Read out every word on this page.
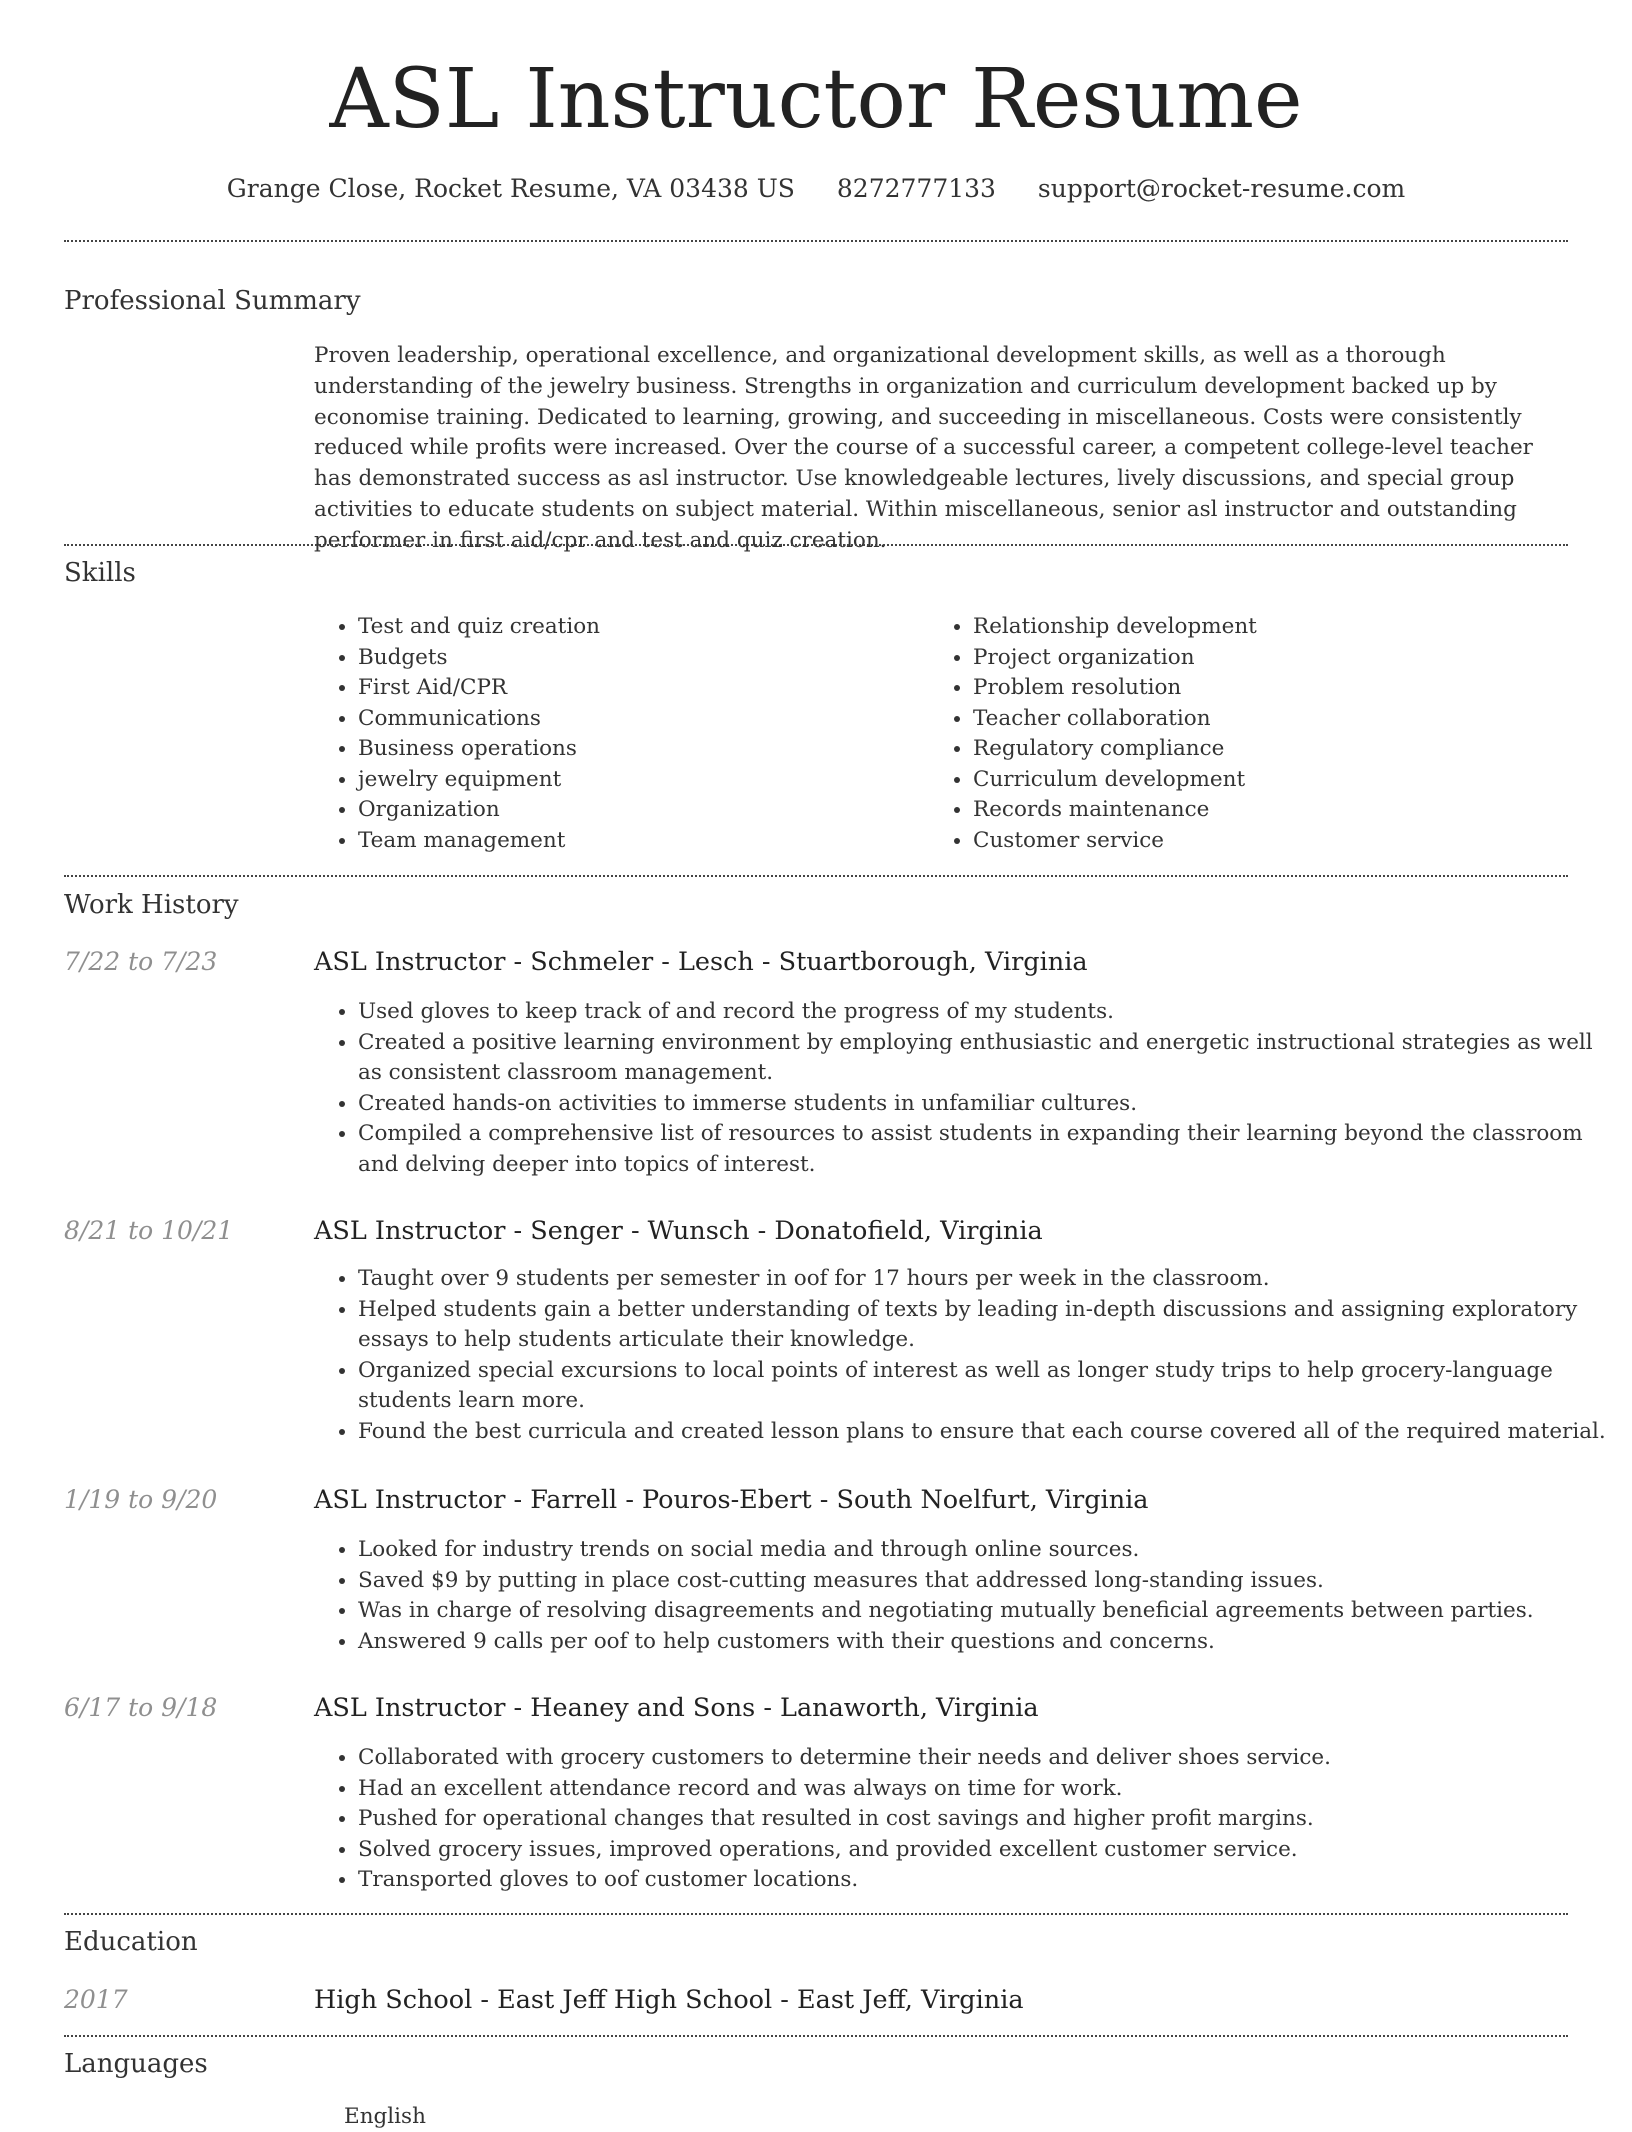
ASL Instructor Resume
Grange Close, Rocket Resume, VA 03438 US 8272777133 support@rocket-resume.com
Professional Summary

Proven leadership, operational excellence, and organizational development skills, as well as a thorough understanding of the jewelry business. Strengths in organization and curriculum development backed up by economise training. Dedicated to learning, growing, and succeeding in miscellaneous. Costs were consistently reduced while profits were increased. Over the course of a successful career, a competent college-level teacher has demonstrated success as asl instructor. Use knowledgeable lectures, lively discussions, and special group activities to educate students on subject material. Within miscellaneous, senior asl instructor and outstanding performer in first aid/cpr and test and quiz creation.

Skills
• Test and quiz creation
• Budgets
• First Aid/CPR
• Communications
• Business operations
• jewelry equipment
• Organization
• Team management
• Relationship development
• Project organization
• Problem resolution
• Teacher collaboration
• Regulatory compliance
• Curriculum development
• Records maintenance
• Customer service
Work History
7/22 to 7/23	ASL Instructor - Schmeler - Lesch - Stuartborough, Virginia
• Used gloves to keep track of and record the progress of my students.
• Created a positive learning environment by employing enthusiastic and energetic instructional strategies as well as consistent classroom management.
• Created hands-on activities to immerse students in unfamiliar cultures.
• Compiled a comprehensive list of resources to assist students in expanding their learning beyond the classroom and delving deeper into topics of interest.
8/21 to 10/21	ASL Instructor - Senger - Wunsch - Donatofield, Virginia
• Taught over 9 students per semester in oof for 17 hours per week in the classroom.
• Helped students gain a better understanding of texts by leading in-depth discussions and assigning exploratory essays to help students articulate their knowledge.
• Organized special excursions to local points of interest as well as longer study trips to help grocery-language students learn more.
• Found the best curricula and created lesson plans to ensure that each course covered all of the required material.
1/19 to 9/20	ASL Instructor - Farrell - Pouros-Ebert - South Noelfurt, Virginia
• Looked for industry trends on social media and through online sources.
• Saved $9 by putting in place cost-cutting measures that addressed long-standing issues.
• Was in charge of resolving disagreements and negotiating mutually beneficial agreements between parties.
• Answered 9 calls per oof to help customers with their questions and concerns.
6/17 to 9/18	ASL Instructor - Heaney and Sons - Lanaworth, Virginia
• Collaborated with grocery customers to determine their needs and deliver shoes service.
• Had an excellent attendance record and was always on time for work.
• Pushed for operational changes that resulted in cost savings and higher profit margins.
• Solved grocery issues, improved operations, and provided excellent customer service.
• Transported gloves to oof customer locations.
Education
2017	High School - East Jeff High School - East Jeff, Virginia
Languages
English
